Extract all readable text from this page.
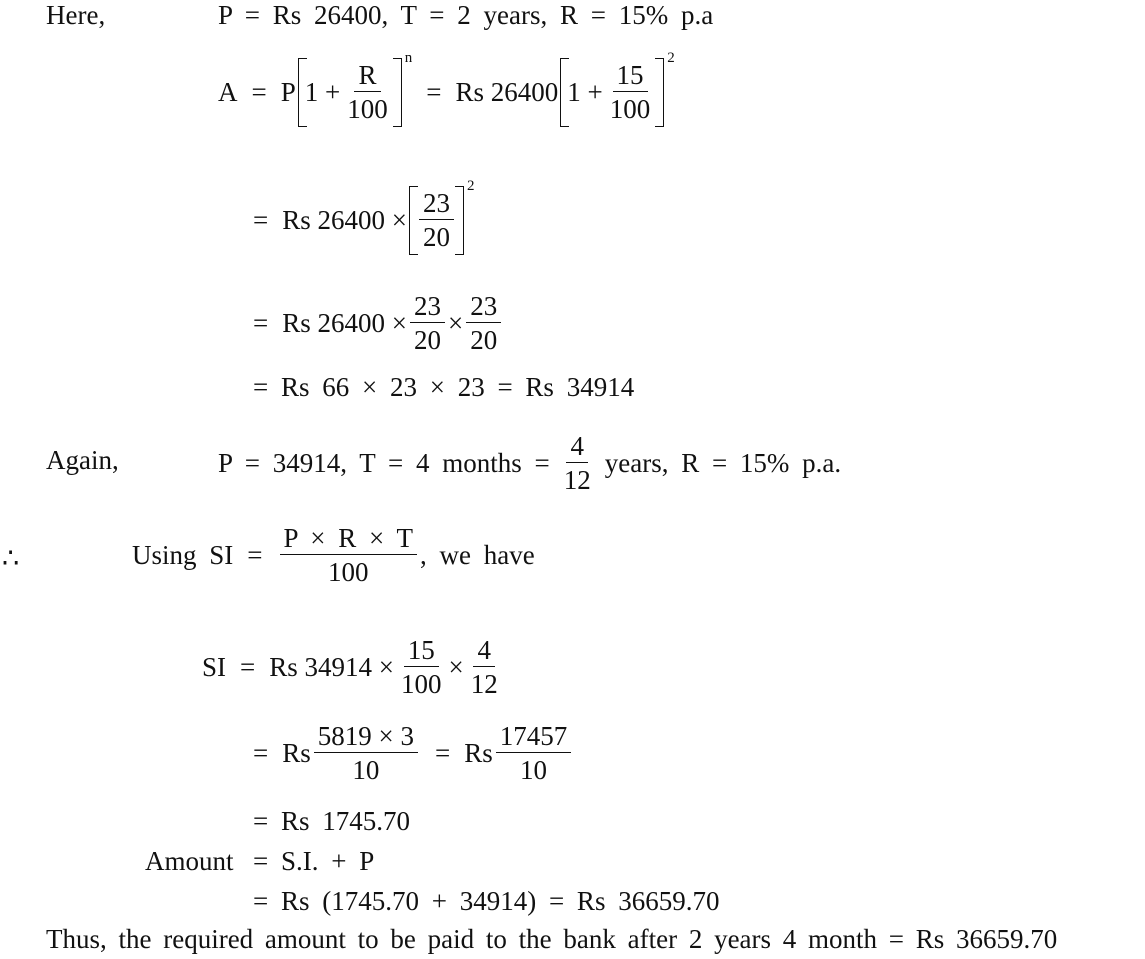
Here,	P = Rs 26400, T = 2 years, R = 15% p.a
A = P $1 + \frac{R}{100}$
n
= Rs 26400 $1 + \frac{15}{100}$
2
= Rs $26400 \times \frac{23}{20}$
2
= Rs $26400 \times \frac{23}{20} \times \frac{23}{20}$
= Rs 66 × 23 × 23 = Rs 34914
Again,	P = 34914, T = 4 months = $\frac{4}{12}$ years, R = 15% p.a.
∴	Using SI = $\frac{P \times R \times T}{100}$ , we have
SI = Rs $34914 \times \frac{15}{100} \times \frac{4}{12}$
= Rs $\frac{5819 \times 3}{10} = Rs \frac{17457}{10}$
= Rs 1745.70
Amount = S.I. + P
= Rs (1745.70 + 34914) = Rs 36659.70
Thus, the required amount to be paid to the bank after 2 years 4 month = Rs 36659.70
